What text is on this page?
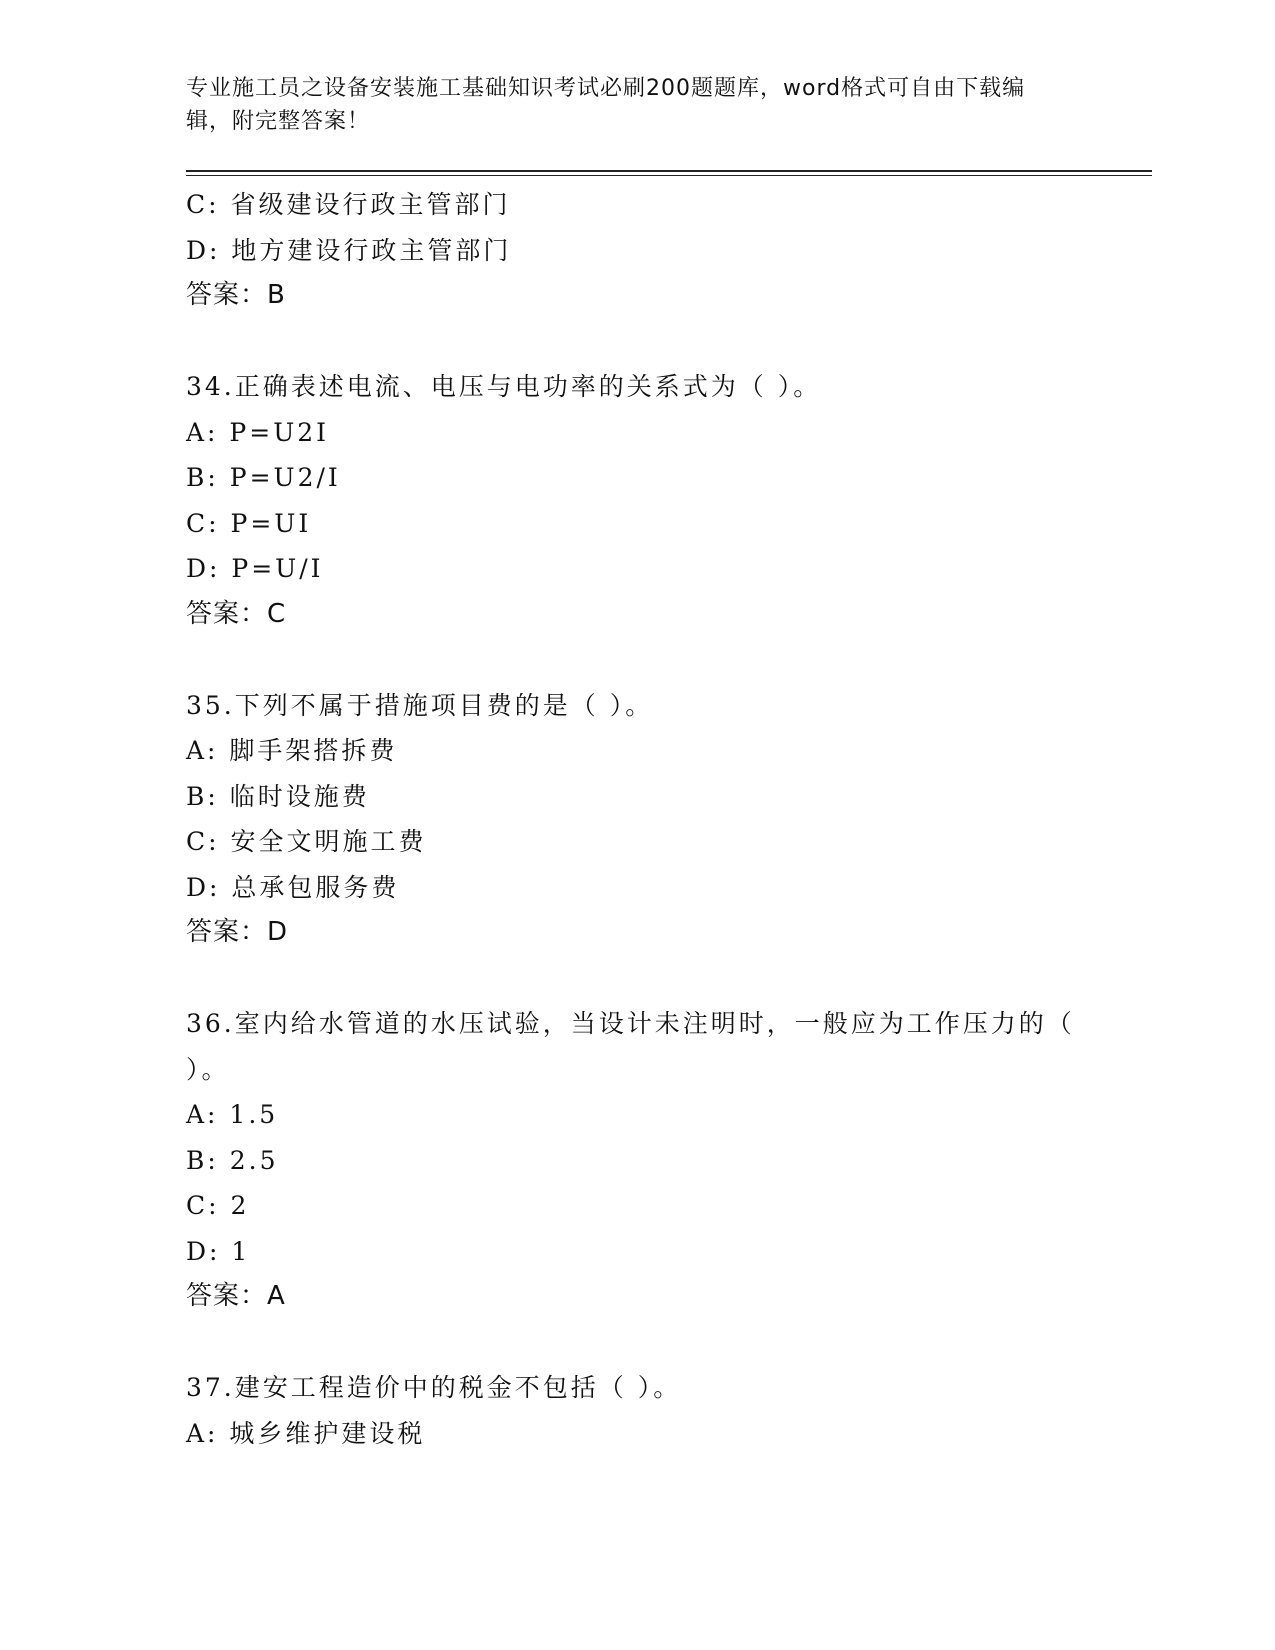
专业施工员之设备安装施工基础知识考试必刷200题题库，word格式可自由下载编辑，附完整答案！

C: 省级建设行政主管部门

D: 地方建设行政主管部门

答案：B

34.正确表述电流、电压与电功率的关系式为（ ）。

A: P=U2I

B: P=U2/I

C: P=UI

D: P=U/I

答案：C

35.下列不属于措施项目费的是（ ）。

A: 脚手架搭拆费

B: 临时设施费

C: 安全文明施工费

D: 总承包服务费

答案：D

36.室内给水管道的水压试验，当设计未注明时，一般应为工作压力的（ ）。

A: 1.5

B: 2.5

C: 2

D: 1

答案：A

37.建安工程造价中的税金不包括（ ）。

A: 城乡维护建设税
